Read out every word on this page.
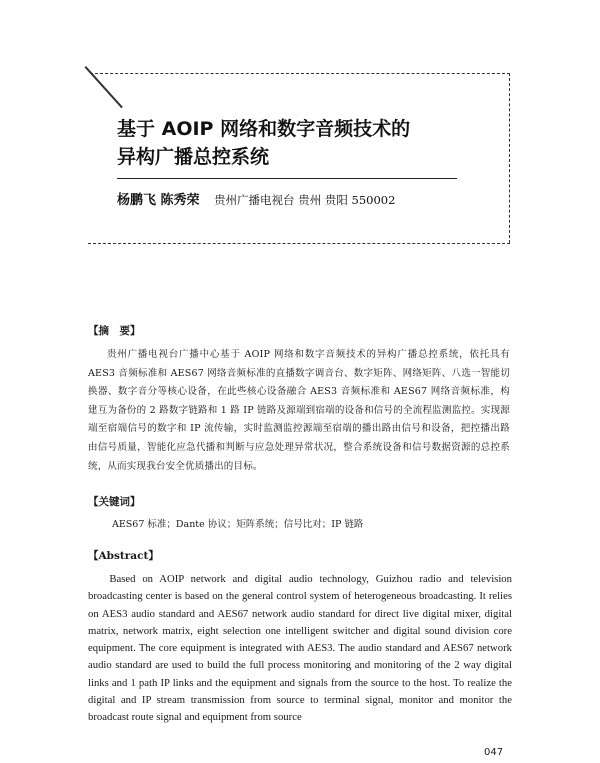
基于 AOIP 网络和数字音频技术的
异构广播总控系统
杨鹏飞 陈秀荣 贵州广播电视台 贵州 贵阳 550002
【摘　要】
贵州广播电视台广播中心基于 AOIP 网络和数字音频技术的异构广播总控系统，依托具有 AES3 音频标准和 AES67 网络音频标准的直播数字调音台、数字矩阵、网络矩阵、八选一智能切换器、数字音分等核心设备，在此些核心设备融合 AES3 音频标准和 AES67 网络音频标准，构建互为备份的 2 路数字链路和 1 路 IP 链路及源端到宿端的设备和信号的全流程监测监控。实现源端至宿端信号的数字和 IP 流传输，实时监测监控源端至宿端的播出路由信号和设备，把控播出路由信号质量，智能化应急代播和判断与应急处理异常状况，整合系统设备和信号数据资源的总控系统，从而实现我台安全优质播出的目标。
【关键词】
AES67 标准；Dante 协议；矩阵系统；信号比对；IP 链路
【Abstract】
Based on AOIP network and digital audio technology, Guizhou radio and television broadcasting center is based on the general control system of heterogeneous broadcasting. It relies on AES3 audio standard and AES67 network audio standard for direct live digital mixer, digital matrix, network matrix, eight selection one intelligent switcher and digital sound division core equipment. The core equipment is integrated with AES3. The audio standard and AES67 network audio standard are used to build the full process monitoring and monitoring of the 2 way digital links and 1 path IP links and the equipment and signals from the source to the host. To realize the digital and IP stream transmission from source to terminal signal, monitor and monitor the broadcast route signal and equipment from source
047
